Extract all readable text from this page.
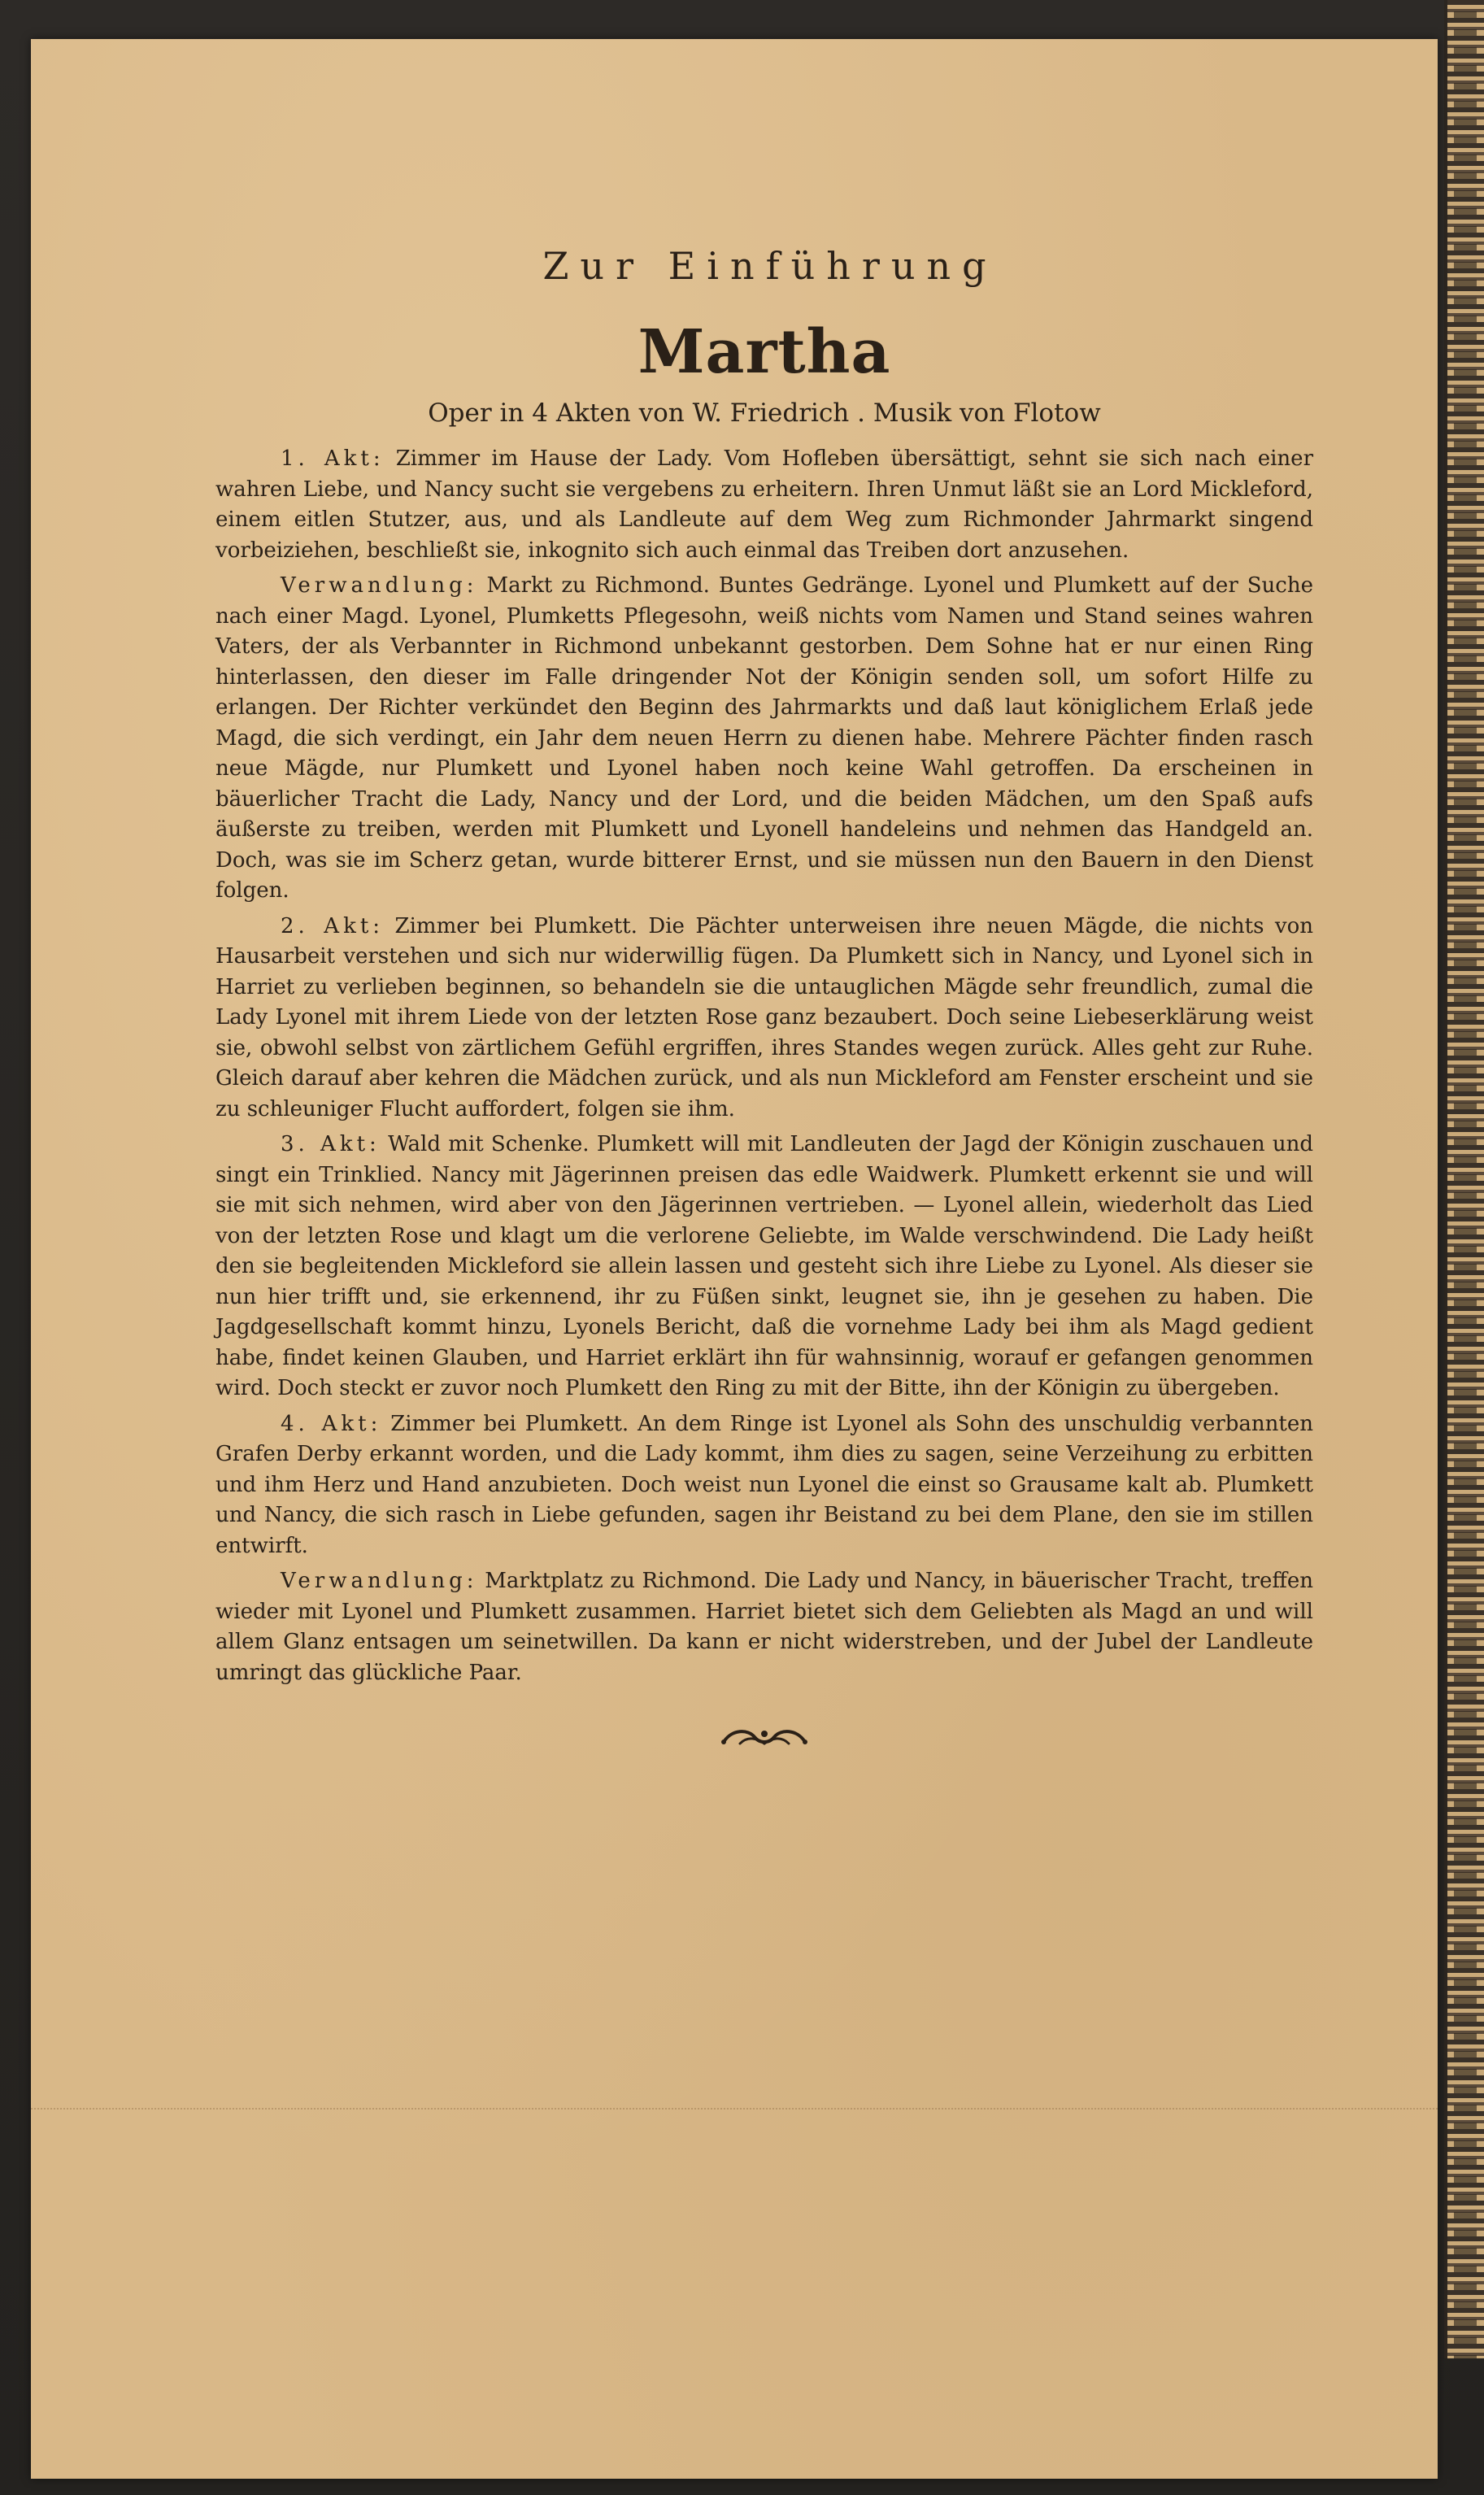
Zur Einführung
Martha
Oper in 4 Akten von W. Friedrich . Musik von Flotow

1. Akt: Zimmer im Hause der Lady. Vom Hofleben übersättigt, sehnt sie sich nach einer wahren Liebe, und Nancy sucht sie vergebens zu erheitern. Ihren Unmut läßt sie an Lord Mickleford, einem eitlen Stutzer, aus, und als Landleute auf dem Weg zum Richmonder Jahrmarkt singend vorbeiziehen, beschließt sie, inkognito sich auch einmal das Treiben dort anzusehen.

Verwandlung: Markt zu Richmond. Buntes Gedränge. Lyonel und Plumkett auf der Suche nach einer Magd. Lyonel, Plumketts Pflegesohn, weiß nichts vom Namen und Stand seines wahren Vaters, der als Verbannter in Richmond unbekannt gestorben. Dem Sohne hat er nur einen Ring hinterlassen, den dieser im Falle dringender Not der Königin senden soll, um sofort Hilfe zu erlangen. Der Richter verkündet den Beginn des Jahrmarkts und daß laut königlichem Erlaß jede Magd, die sich verdingt, ein Jahr dem neuen Herrn zu dienen habe. Mehrere Pächter finden rasch neue Mägde, nur Plumkett und Lyonel haben noch keine Wahl getroffen. Da erscheinen in bäuerlicher Tracht die Lady, Nancy und der Lord, und die beiden Mädchen, um den Spaß aufs äußerste zu treiben, werden mit Plumkett und Lyonell handeleins und nehmen das Handgeld an. Doch, was sie im Scherz getan, wurde bitterer Ernst, und sie müssen nun den Bauern in den Dienst folgen.

2. Akt: Zimmer bei Plumkett. Die Pächter unterweisen ihre neuen Mägde, die nichts von Hausarbeit verstehen und sich nur widerwillig fügen. Da Plumkett sich in Nancy, und Lyonel sich in Harriet zu verlieben beginnen, so behandeln sie die untauglichen Mägde sehr freundlich, zumal die Lady Lyonel mit ihrem Liede von der letzten Rose ganz bezaubert. Doch seine Liebeserklärung weist sie, obwohl selbst von zärtlichem Gefühl ergriffen, ihres Standes wegen zurück. Alles geht zur Ruhe. Gleich darauf aber kehren die Mädchen zurück, und als nun Mickleford am Fenster erscheint und sie zu schleuniger Flucht auffordert, folgen sie ihm.

3. Akt: Wald mit Schenke. Plumkett will mit Landleuten der Jagd der Königin zuschauen und singt ein Trinklied. Nancy mit Jägerinnen preisen das edle Waidwerk. Plumkett erkennt sie und will sie mit sich nehmen, wird aber von den Jägerinnen vertrieben. — Lyonel allein, wiederholt das Lied von der letzten Rose und klagt um die verlorene Geliebte, im Walde verschwindend. Die Lady heißt den sie begleitenden Mickleford sie allein lassen und gesteht sich ihre Liebe zu Lyonel. Als dieser sie nun hier trifft und, sie erkennend, ihr zu Füßen sinkt, leugnet sie, ihn je gesehen zu haben. Die Jagdgesellschaft kommt hinzu, Lyonels Bericht, daß die vornehme Lady bei ihm als Magd gedient habe, findet keinen Glauben, und Harriet erklärt ihn für wahnsinnig, worauf er gefangen genommen wird. Doch steckt er zuvor noch Plumkett den Ring zu mit der Bitte, ihn der Königin zu übergeben.

4. Akt: Zimmer bei Plumkett. An dem Ringe ist Lyonel als Sohn des unschuldig verbannten Grafen Derby erkannt worden, und die Lady kommt, ihm dies zu sagen, seine Verzeihung zu erbitten und ihm Herz und Hand anzubieten. Doch weist nun Lyonel die einst so Grausame kalt ab. Plumkett und Nancy, die sich rasch in Liebe gefunden, sagen ihr Beistand zu bei dem Plane, den sie im stillen entwirft.

Verwandlung: Marktplatz zu Richmond. Die Lady und Nancy, in bäuerischer Tracht, treffen wieder mit Lyonel und Plumkett zusammen. Harriet bietet sich dem Geliebten als Magd an und will allem Glanz entsagen um seinetwillen. Da kann er nicht widerstreben, und der Jubel der Landleute umringt das glückliche Paar.
